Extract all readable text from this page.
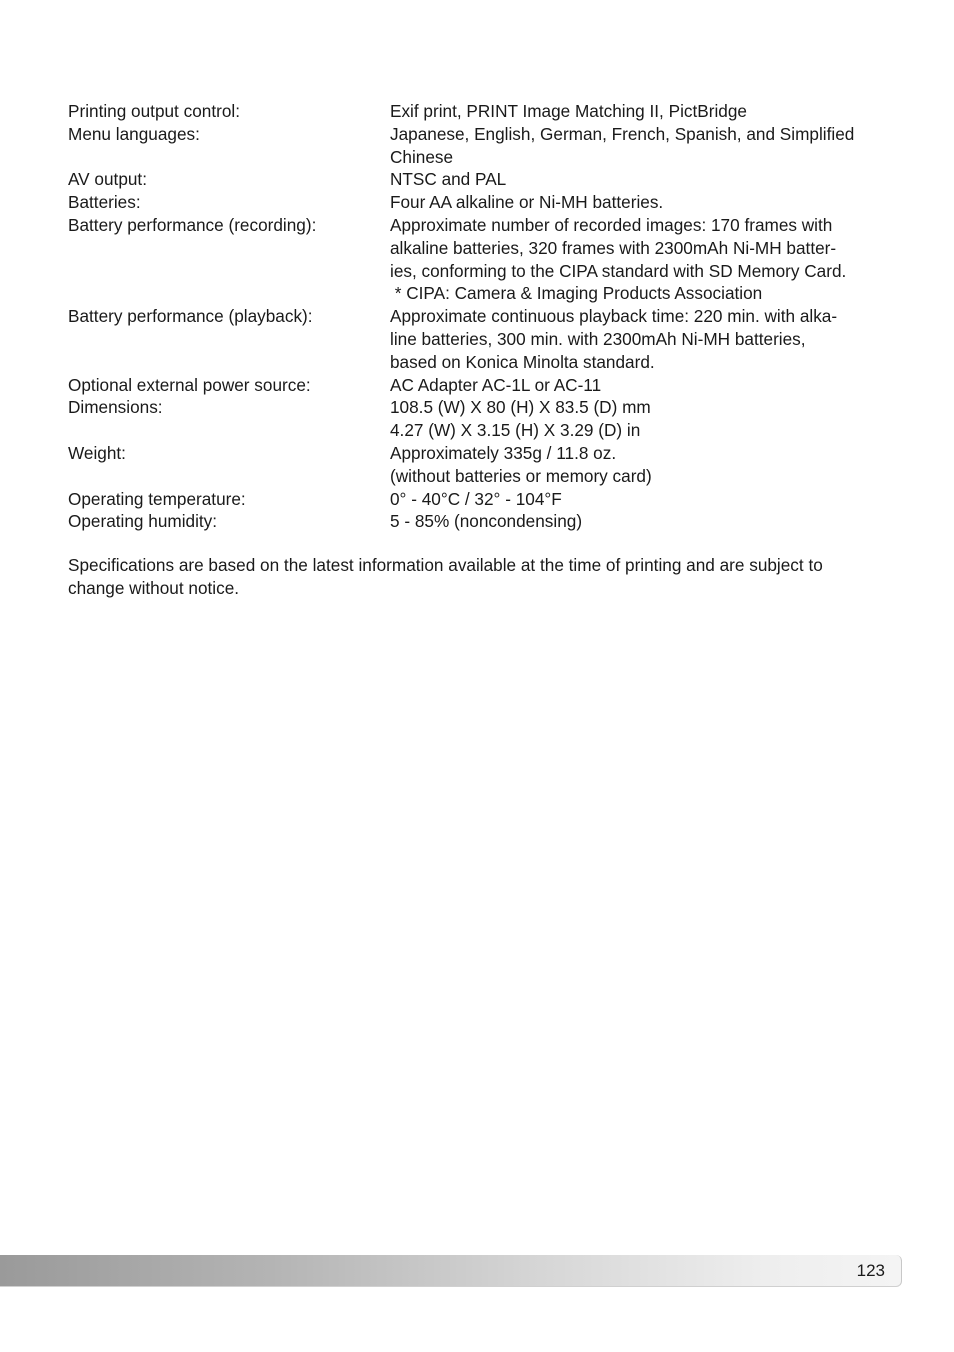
Printing output control:	Exif print, PRINT Image Matching II, PictBridge
Menu languages:	Japanese, English, German, French, Spanish, and Simplified
Chinese
AV output:	NTSC and PAL
Batteries:	Four AA alkaline or Ni-MH batteries.
Battery performance (recording):	Approximate number of recorded images: 170 frames with
alkaline batteries, 320 frames with 2300mAh Ni-MH batter-
ies, conforming to the CIPA standard with SD Memory Card.
* CIPA: Camera & Imaging Products Association
Battery performance (playback):	Approximate continuous playback time: 220 min. with alka-
line batteries, 300 min. with 2300mAh Ni-MH batteries,
based on Konica Minolta standard.
Optional external power source:	AC Adapter AC-1L or AC-11
Dimensions:	108.5 (W) X 80 (H) X 83.5 (D) mm
4.27 (W) X 3.15 (H) X 3.29 (D) in
Weight:	Approximately 335g / 11.8 oz.
(without batteries or memory card)
Operating temperature:	0° - 40°C / 32° - 104°F
Operating humidity:	5 - 85% (noncondensing)
Specifications are based on the latest information available at the time of printing and are subject to
change without notice.
123
